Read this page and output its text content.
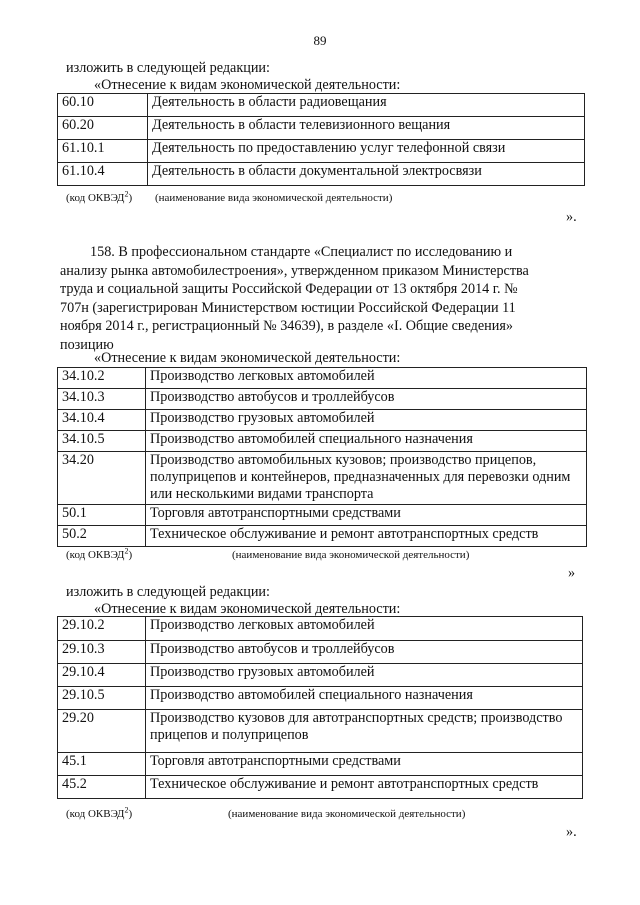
89
изложить в следующей редакции:
«Отнесение к видам экономической деятельности:
60.10	Деятельность в области радиовещания
60.20	Деятельность в области телевизионного вещания
61.10.1	Деятельность по предоставлению услуг телефонной связи
61.10.4	Деятельность в области документальной электросвязи
(код ОКВЭД$^2$) (наименование вида экономической деятельности)
».
158. В профессиональном стандарте «Специалист по исследованию и
анализу рынка автомобилестроения», утвержденном приказом Министерства
труда и социальной защиты Российской Федерации от 13 октября 2014 г. №
707н (зарегистрирован Министерством юстиции Российской Федерации 11
ноября 2014 г., регистрационный № 34639), в разделе «I. Общие сведения»
позицию
«Отнесение к видам экономической деятельности:
34.10.2	Производство легковых автомобилей
34.10.3	Производство автобусов и троллейбусов
34.10.4	Производство грузовых автомобилей
34.10.5	Производство автомобилей специального назначения
34.20	Производство автомобильных кузовов; производство прицепов, полуприцепов и контейнеров, предназначенных для перевозки одним или несколькими видами транспорта
50.1	Торговля автотранспортными средствами
50.2	Техническое обслуживание и ремонт автотранспортных средств
(код ОКВЭД$^2$)	(наименование вида экономической деятельности)
»
изложить в следующей редакции:
«Отнесение к видам экономической деятельности:
29.10.2	Производство легковых автомобилей
29.10.3	Производство автобусов и троллейбусов
29.10.4	Производство грузовых автомобилей
29.10.5	Производство автомобилей специального назначения
29.20	Производство кузовов для автотранспортных средств; производство прицепов и полуприцепов
45.1	Торговля автотранспортными средствами
45.2	Техническое обслуживание и ремонт автотранспортных средств
(код ОКВЭД$^2$)	(наименование вида экономической деятельности)
».
